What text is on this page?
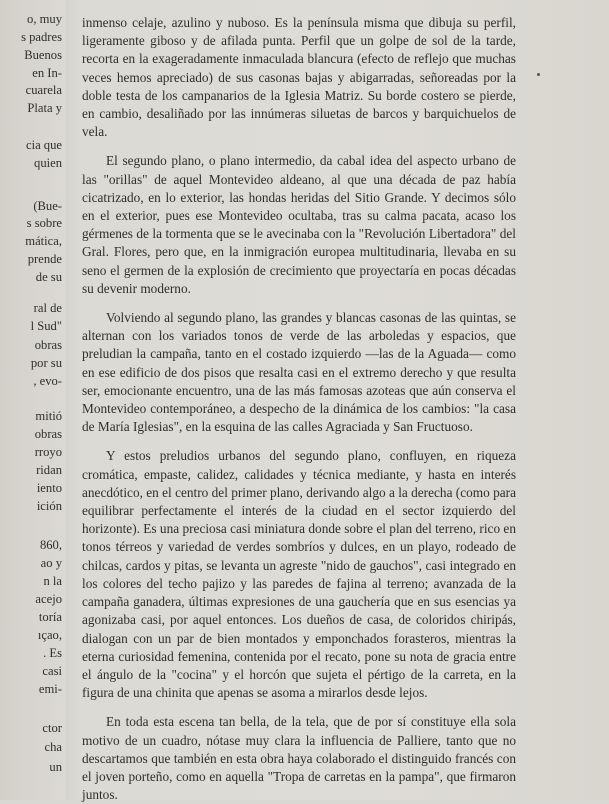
o, muy
s padres
Buenos
en In-
cuarela
Plata y
cia que
quien
(Bue-
s sobre
mática,
prende
de su
ral de
l Sud"
obras
por su
, evo-
mitió
obras
rroyo
ridan
iento
ición
860,
ao y
n la
acejo
toría
ıçao,
. Es
casi
emi-
ctor
cha
un

inmenso celaje, azulino y nuboso. Es la península misma que dibuja su perfil, ligeramente giboso y de afilada punta. Perfil que un golpe de sol de la tarde, recorta en la exageradamente inmaculada blancura (efecto de reflejo que muchas veces hemos apreciado) de sus casonas bajas y abigarradas, señoreadas por la doble testa de los campanarios de la Iglesia Matriz. Su borde costero se pierde, en cambio, desaliñado por las innúmeras siluetas de barcos y barquichuelos de vela.

El segundo plano, o plano intermedio, da cabal idea del aspecto urbano de las "orillas" de aquel Montevideo aldeano, al que una década de paz había cicatrizado, en lo exterior, las hondas heridas del Sitio Grande. Y decimos sólo en el exterior, pues ese Montevideo ocultaba, tras su calma pacata, acaso los gérmenes de la tormenta que se le avecinaba con la "Revolución Libertadora" del Gral. Flores, pero que, en la inmigración europea multitudinaria, llevaba en su seno el germen de la explosión de crecimiento que proyectaría en pocas décadas su devenir moderno.

Volviendo al segundo plano, las grandes y blancas casonas de las quintas, se alternan con los variados tonos de verde de las arboledas y espacios, que preludian la campaña, tanto en el costado izquierdo —las de la Aguada— como en ese edificio de dos pisos que resalta casi en el extremo derecho y que resulta ser, emocionante encuentro, una de las más famosas azoteas que aún conserva el Montevideo contemporáneo, a despecho de la dinámica de los cambios: "la casa de María Iglesias", en la esquina de las calles Agraciada y San Fructuoso.

Y estos preludios urbanos del segundo plano, confluyen, en riqueza cromática, empaste, calidez, calidades y técnica mediante, y hasta en interés anecdótico, en el centro del primer plano, derivando algo a la derecha (como para equilibrar perfectamente el interés de la ciudad en el sector izquierdo del horizonte). Es una preciosa casi miniatura donde sobre el plan del terreno, rico en tonos térreos y variedad de verdes sombríos y dulces, en un playo, rodeado de chilcas, cardos y pitas, se levanta un agreste "nido de gauchos", casi integrado en los colores del techo pajizo y las paredes de fajina al terreno; avanzada de la campaña ganadera, últimas expresiones de una gauchería que en sus esencias ya agonizaba casi, por aquel entonces. Los dueños de casa, de coloridos chiripás, dialogan con un par de bien montados y emponchados forasteros, mientras la eterna curiosidad femenina, contenida por el recato, pone su nota de gracia entre el ángulo de la "cocina" y el horcón que sujeta el pértigo de la carreta, en la figura de una chinita que apenas se asoma a mirarlos desde lejos.

En toda esta escena tan bella, de la tela, que de por sí constituye ella sola motivo de un cuadro, nótase muy clara la influencia de Palliere, tanto que no descartamos que también en esta obra haya colaborado el distinguido francés con el joven porteño, como en aquella "Tropa de carretas en la pampa", que firmaron juntos.
